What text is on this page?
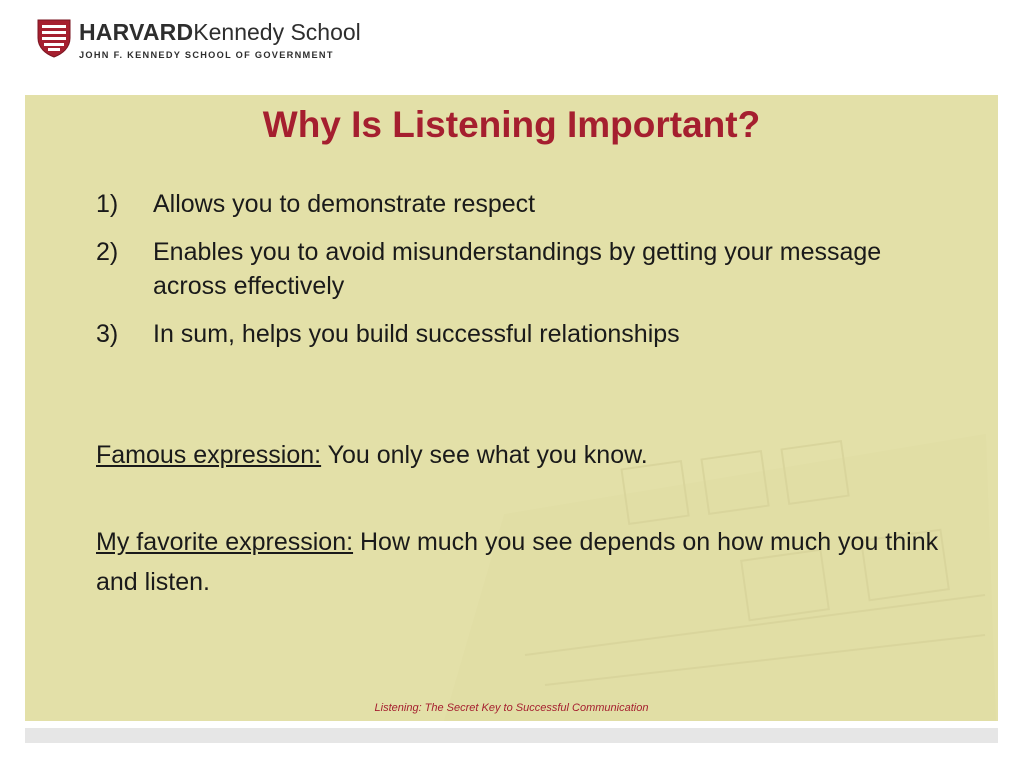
HARVARDKennedy School
JOHN F. KENNEDY SCHOOL OF GOVERNMENT
Why Is Listening Important?
1) Allows you to demonstrate respect
2) Enables you to avoid misunderstandings by getting your message across effectively
3) In sum, helps you build successful relationships
Famous expression: You only see what you know.
My favorite expression: How much you see depends on how much you think and listen.
Listening: The Secret Key to Successful Communication
